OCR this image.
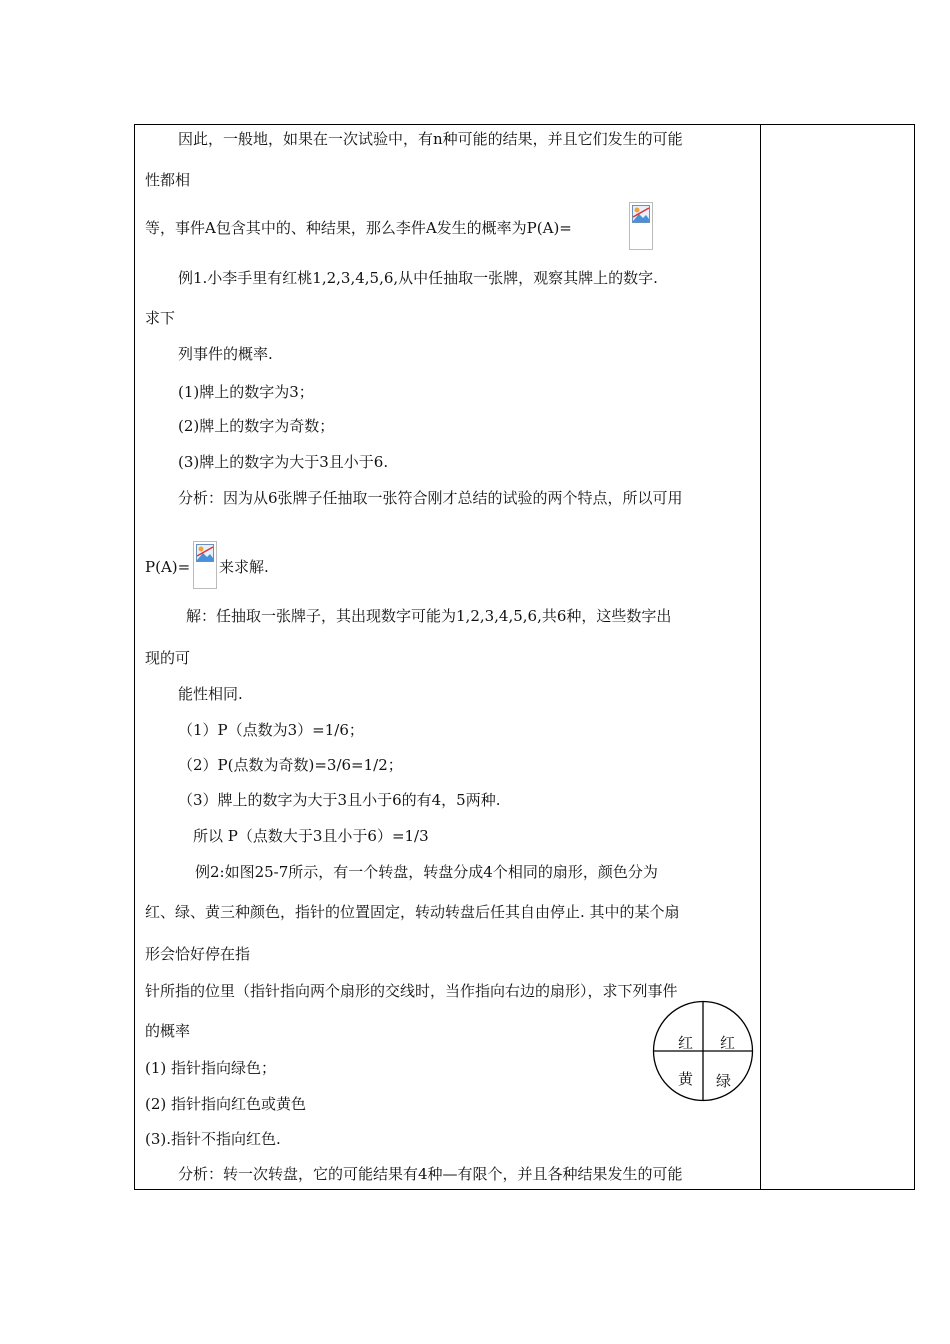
因此，一般地，如果在一次试验中，有n种可能的结果，并且它们发生的可能
性都相
等，事件A包含其中的、种结果，那么李件A发生的概率为P(A)=
例1.小李手里有红桃1,2,3,4,5,6,从中任抽取一张牌，观察其牌上的数字.
求下
列事件的概率.
(1)牌上的数字为3；
(2)牌上的数字为奇数；
(3)牌上的数字为大于3且小于6.
分析：因为从6张牌子任抽取一张符合刚才总结的试验的两个特点，所以可用
P(A)= 来求解.
解：任抽取一张牌子，其出现数字可能为1,2,3,4,5,6,共6种，这些数字出
现的可
能性相同.
（1）P（点数为3）=1/6；
（2）P(点数为奇数)=3/6=1/2；
（3）牌上的数字为大于3且小于6的有4，5两种.
所以 P（点数大于3且小于6）=1/3
例2:如图25-7所示，有一个转盘，转盘分成4个相同的扇形，颜色分为
红、绿、黄三种颜色，指针的位置固定，转动转盘后任其自由停止. 其中的某个扇
形会恰好停在指
针所指的位里（指针指向两个扇形的交线时，当作指向右边的扇形），求下列事件
的概率
(1) 指针指向绿色；
(2) 指针指向红色或黄色
(3).指针不指向红色.
分析：转一次转盘，它的可能结果有4种—有限个，并且各种结果发生的可能
红 红
黄 绿
